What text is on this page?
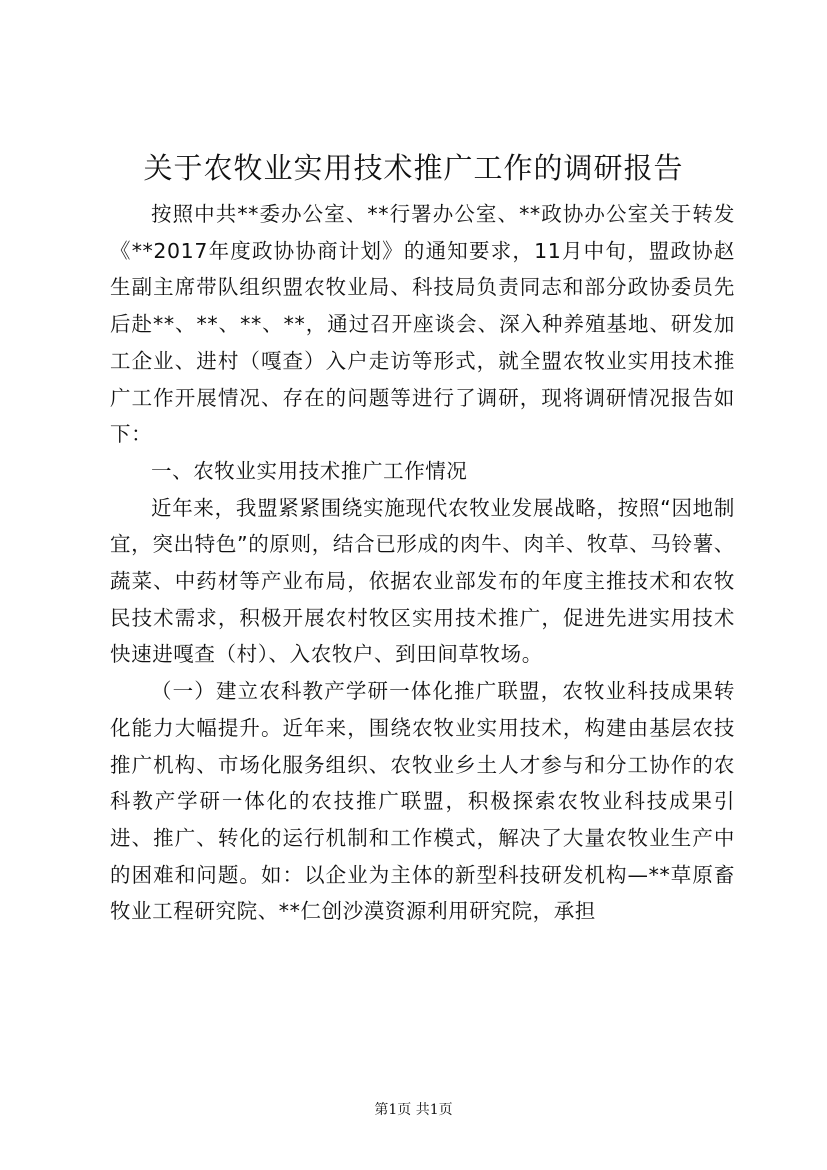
关于农牧业实用技术推广工作的调研报告

按照中共**委办公室、**行署办公室、**政协办公室关于转发《**2017年度政协协商计划》的通知要求，11月中旬，盟政协赵生副主席带队组织盟农牧业局、科技局负责同志和部分政协委员先后赴**、**、**、**，通过召开座谈会、深入种养殖基地、研发加工企业、进村（嘎查）入户走访等形式，就全盟农牧业实用技术推广工作开展情况、存在的问题等进行了调研，现将调研情况报告如下：

一、农牧业实用技术推广工作情况

近年来，我盟紧紧围绕实施现代农牧业发展战略，按照“因地制宜，突出特色”的原则，结合已形成的肉牛、肉羊、牧草、马铃薯、蔬菜、中药材等产业布局，依据农业部发布的年度主推技术和农牧民技术需求，积极开展农村牧区实用技术推广，促进先进实用技术快速进嘎查（村）、入农牧户、到田间草牧场。

（一）建立农科教产学研一体化推广联盟，农牧业科技成果转化能力大幅提升。近年来，围绕农牧业实用技术，构建由基层农技推广机构、市场化服务组织、农牧业乡土人才参与和分工协作的农科教产学研一体化的农技推广联盟，积极探索农牧业科技成果引进、推广、转化的运行机制和工作模式，解决了大量农牧业生产中的困难和问题。如：以企业为主体的新型科技研发机构—**草原畜牧业工程研究院、**仁创沙漠资源利用研究院，承担

第1页 共1页
